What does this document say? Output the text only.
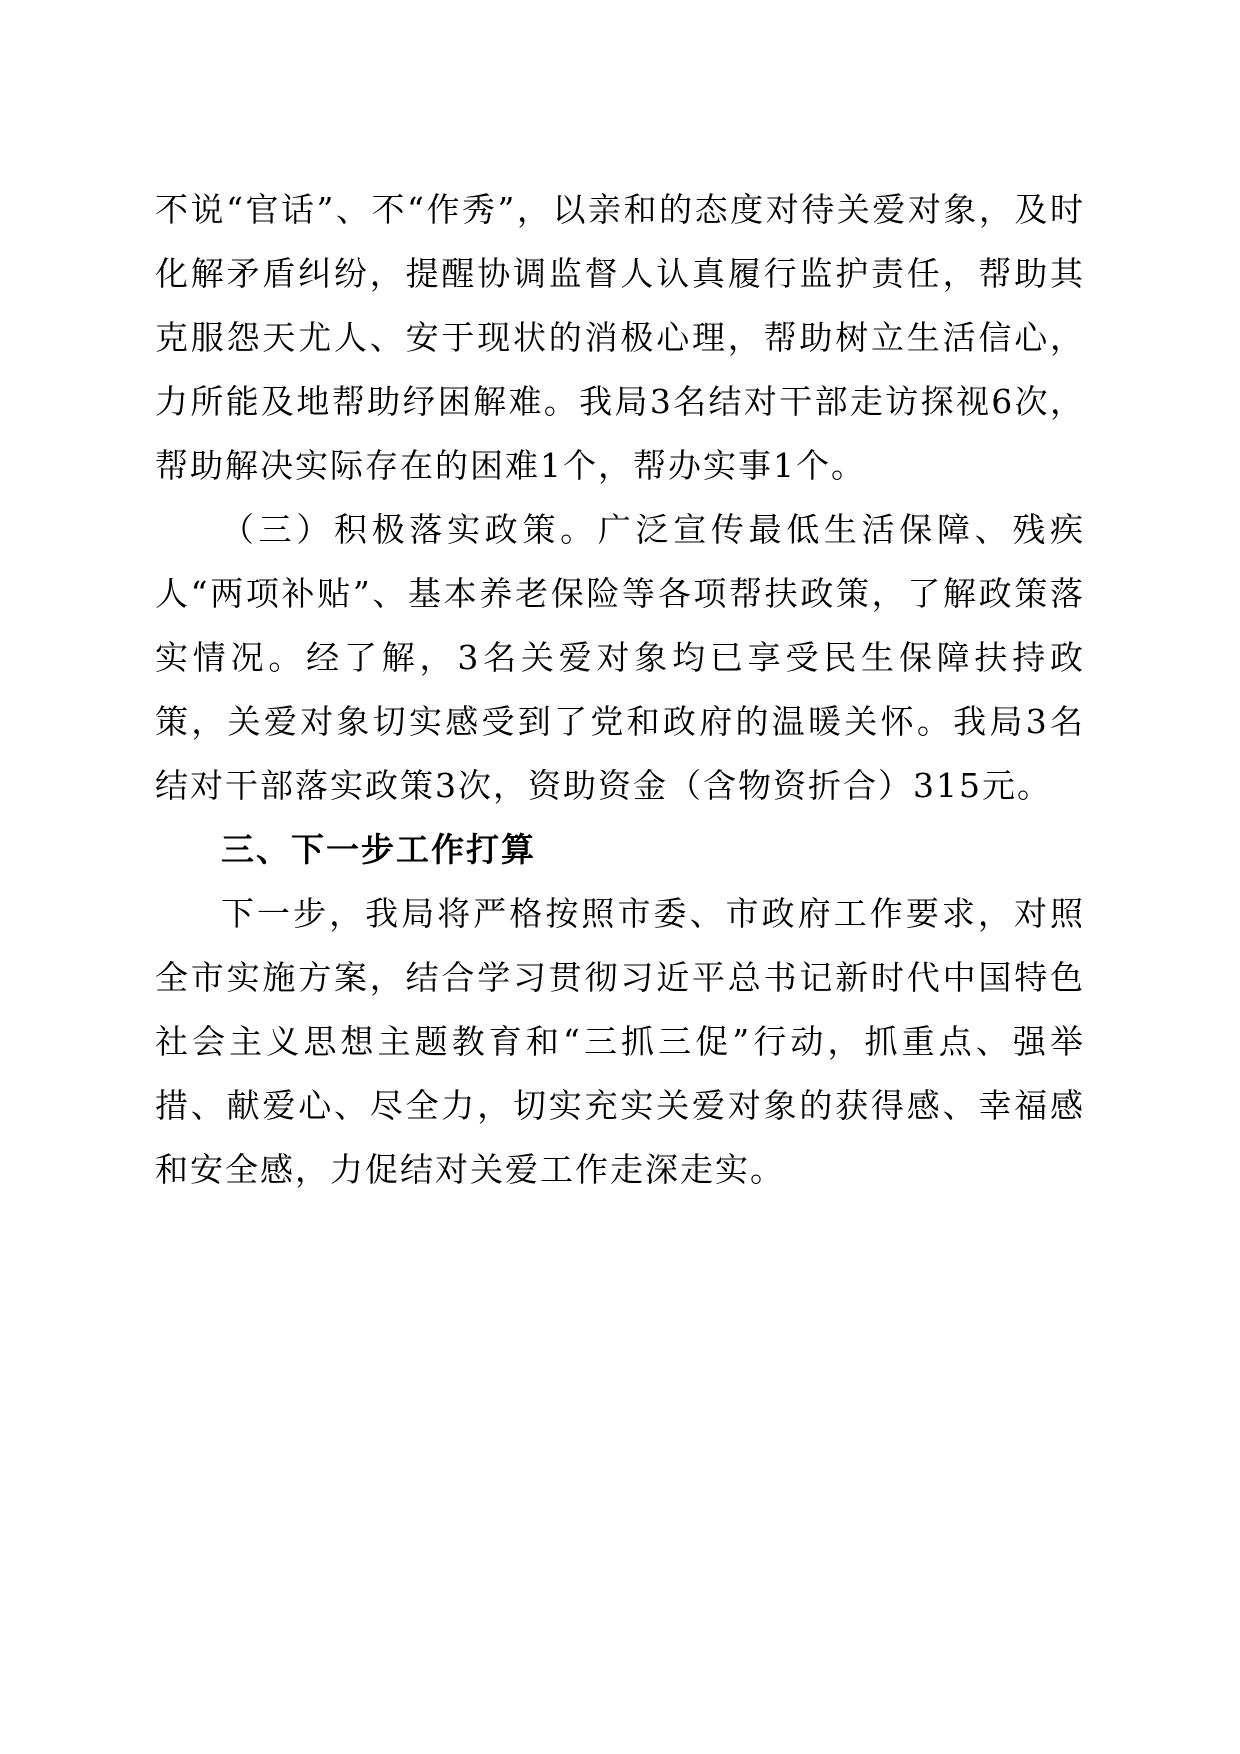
不说“官话”、不“作秀”，以亲和的态度对待关爱对象，及时化解矛盾纠纷，提醒协调监督人认真履行监护责任，帮助其克服怨天尤人、安于现状的消极心理，帮助树立生活信心，力所能及地帮助纾困解难。我局3名结对干部走访探视6次，帮助解决实际存在的困难1个，帮办实事1个。

（三）积极落实政策。广泛宣传最低生活保障、残疾人“两项补贴”、基本养老保险等各项帮扶政策，了解政策落实情况。经了解，3名关爱对象均已享受民生保障扶持政策，关爱对象切实感受到了党和政府的温暖关怀。我局3名结对干部落实政策3次，资助资金（含物资折合）315元。

三、下一步工作打算

下一步，我局将严格按照市委、市政府工作要求，对照全市实施方案，结合学习贯彻习近平总书记新时代中国特色社会主义思想主题教育和“三抓三促”行动，抓重点、强举措、献爱心、尽全力，切实充实关爱对象的获得感、幸福感和安全感，力促结对关爱工作走深走实。
